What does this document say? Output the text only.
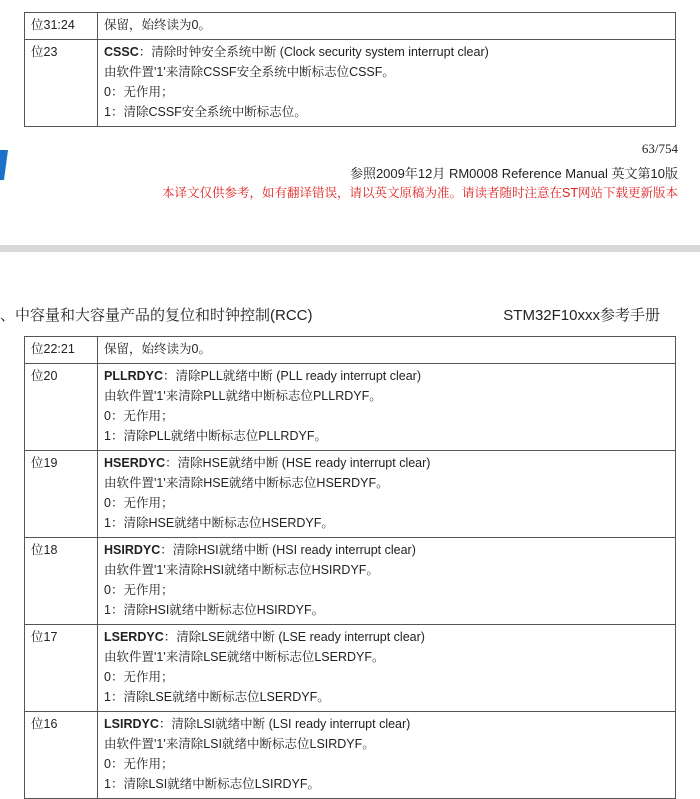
位31:24	保留，始终读为0。

位23	CSSC：清除时钟安全系统中断 (Clock security system interrupt clear)
由软件置'1'来清除CSSF安全系统中断标志位CSSF。
0：无作用；
1：清除CSSF安全系统中断标志位。
63/754
参照2009年12月 RM0008 Reference Manual 英文第10版
本译文仅供参考，如有翻译错误，请以英文原稿为准。请读者随时注意在ST网站下载更新版本
、中容量和大容量产品的复位和时钟控制(RCC)	STM32F10xxx参考手册
位22:21	保留，始终读为0。

位20	PLLRDYC：清除PLL就绪中断 (PLL ready interrupt clear)
由软件置'1'来清除PLL就绪中断标志位PLLRDYF。
0：无作用；
1：清除PLL就绪中断标志位PLLRDYF。

位19	HSERDYC：清除HSE就绪中断 (HSE ready interrupt clear)
由软件置'1'来清除HSE就绪中断标志位HSERDYF。
0：无作用；
1：清除HSE就绪中断标志位HSERDYF。

位18	HSIRDYC：清除HSI就绪中断 (HSI ready interrupt clear)
由软件置'1'来清除HSI就绪中断标志位HSIRDYF。
0：无作用；
1：清除HSI就绪中断标志位HSIRDYF。

位17	LSERDYC：清除LSE就绪中断 (LSE ready interrupt clear)
由软件置'1'来清除LSE就绪中断标志位LSERDYF。
0：无作用；
1：清除LSE就绪中断标志位LSERDYF。

位16	LSIRDYC：清除LSI就绪中断 (LSI ready interrupt clear)
由软件置'1'来清除LSI就绪中断标志位LSIRDYF。
0：无作用；
1：清除LSI就绪中断标志位LSIRDYF。
